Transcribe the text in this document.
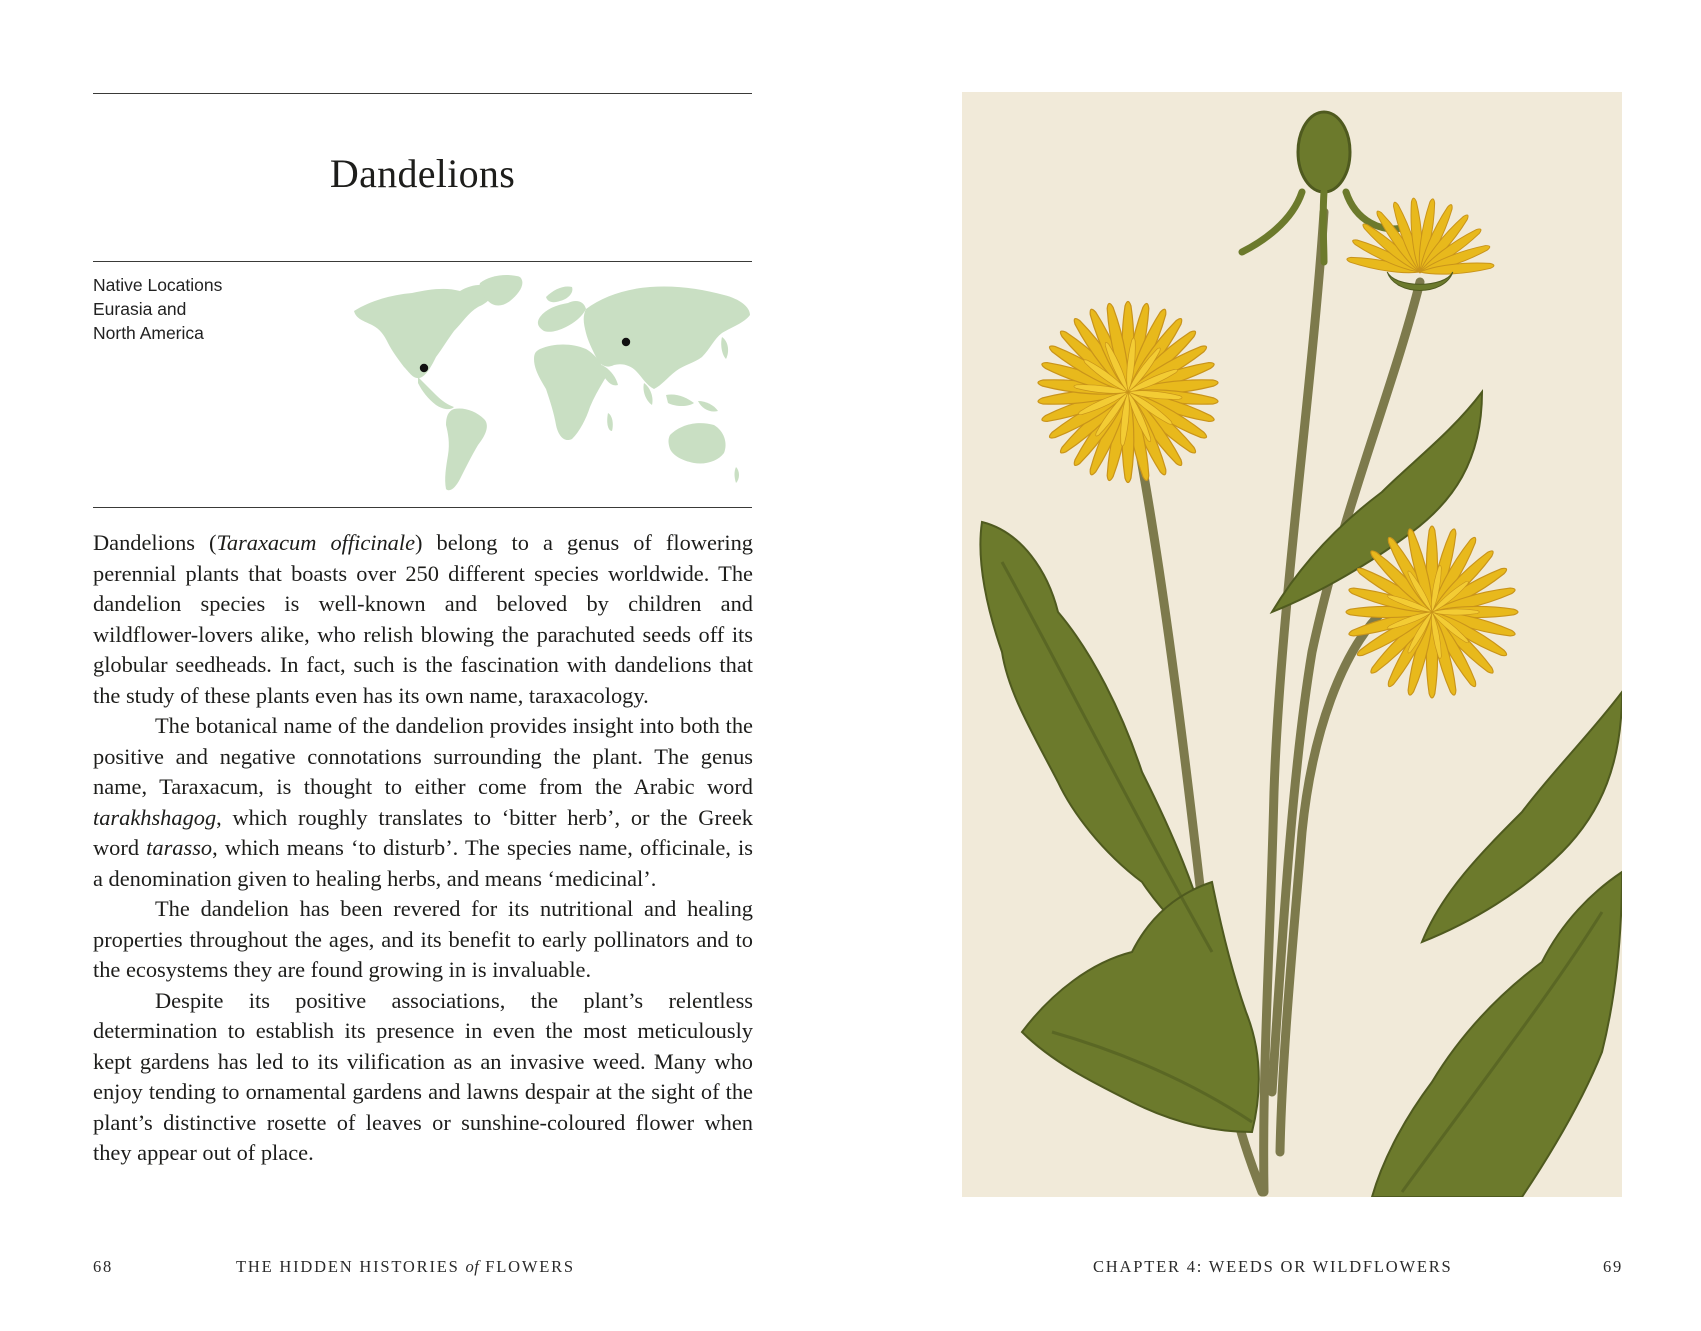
Dandelions
Native Locations
Eurasia and
North America

Dandelions (Taraxacum officinale) belong to a genus of flowering perennial plants that boasts over 250 different species worldwide. The dandelion species is well-known and beloved by children and wildflower-lovers alike, who relish blowing the parachuted seeds off its globular seedheads. In fact, such is the fascination with dandelions that the study of these plants even has its own name, taraxacology.

The botanical name of the dandelion provides insight into both the positive and negative connotations surrounding the plant. The genus name, Taraxacum, is thought to either come from the Arabic word tarakhshagog, which roughly translates to ‘bitter herb’, or the Greek word tarasso, which means ‘to disturb’. The species name, officinale, is a denomination given to healing herbs, and means ‘medicinal’.

The dandelion has been revered for its nutritional and healing properties throughout the ages, and its benefit to early pollinators and to the ecosystems they are found growing in is invaluable.

Despite its positive associations, the plant’s relentless determination to establish its presence in even the most meticulously kept gardens has led to its vilification as an invasive weed. Many who enjoy tending to ornamental gardens and lawns despair at the sight of the plant’s distinctive rosette of leaves or sunshine-coloured flower when they appear out of place.

68	THE HIDDEN HISTORIES of FLOWERS	CHAPTER 4: WEEDS OR WILDFLOWERS	69
